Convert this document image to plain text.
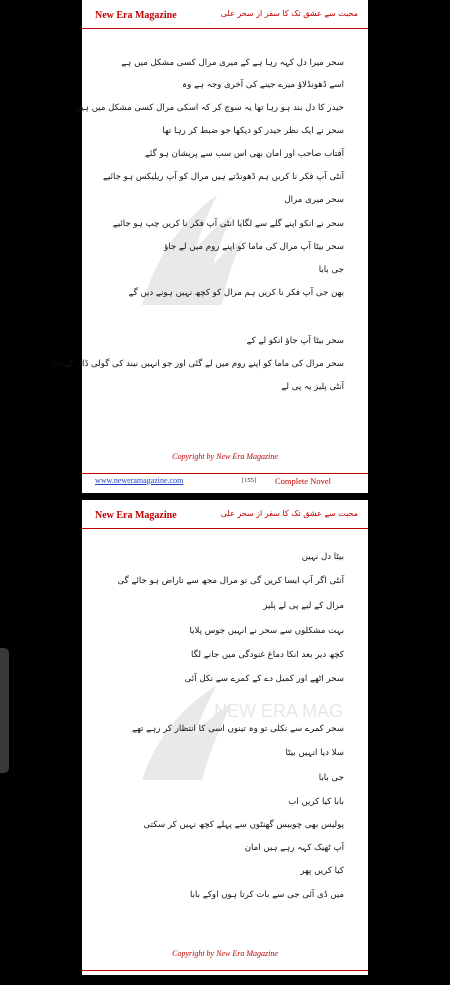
New Era Magazine	محبت سے عشق تک کا سفر از سحر علی
سحر میرا دل کہہ رہا ہے کے میری مرال کسی مشکل میں ہے
اسے ڈھونڈلاؤ میرے جینے کی آخری وجہ ہے وہ
حیدر کا دل بند ہو رہا تھا یہ سوچ کر کہ اسکی مرال کسی مشکل میں ہیں
سحر نے ایک نظر حیدر کو دیکھا جو ضبط کر رہا تھا
آفتاب صاحب اور امان بھی اس سب سے پریشان ہو گئے
آنٹی آپ فکر نا کریں ہم ڈھونڈتے ہیں مرال کو آپ ریلیکس ہو جائیے
سحر میری مرال
سحر نے انکو اپنے گلے سے لگایا انٹی آپ فکر نا کریں چپ ہو جائیے
سحر بیٹا آپ مرال کی ماما کو اپنے روم میں لے جاؤ
جی بابا
بھن جی آپ فکر نا کریں ہم مرال کو کچھ نہیں ہونے دیں گے
سحر بیٹا آپ جاؤ انکو لے کے
سحر مرال کی ماما کو اپنے روم میں لے گئی اور جو انہیں نیند کی گولی ڈال کے دیا
آنٹی پلیز یہ پی لے
Copyright by New Era Magazine
www.neweramagazine.com	[155] Complete Novel
New Era Magazine	محبت سے عشق تک کا سفر از سحر علی
NEW ERA MAG
بیٹا دل نہیں
آنٹی اگر آپ ایسا کریں گی تو مرال مجھ سے ناراض ہو جائے گی
مرال کے لیے پی لے پلیز
بہت مشکلوں سے سحر نے انہیں جوس پلایا
کچھ دیر بعد انکا دماغ غنودگی میں جانے لگا
سحر اٹھے اور کمبل دے کے کمرے سے نکل آئی
سحر کمرے سے نکلی تو وہ تینوں اسی کا انتظار کر رہے تھے
سلا دیا انہیں بیٹا
جی بابا
بابا کیا کریں اب
پولیس بھی چوبیس گھنٹوں سے پہلے کچھ نہیں کر سکتی
آپ ٹھیک کہہ رہے ہیں امان
کیا کریں پھر
میں ڈی آئی جی سے بات کرتا ہوں اوکے بابا
Copyright by New Era Magazine
